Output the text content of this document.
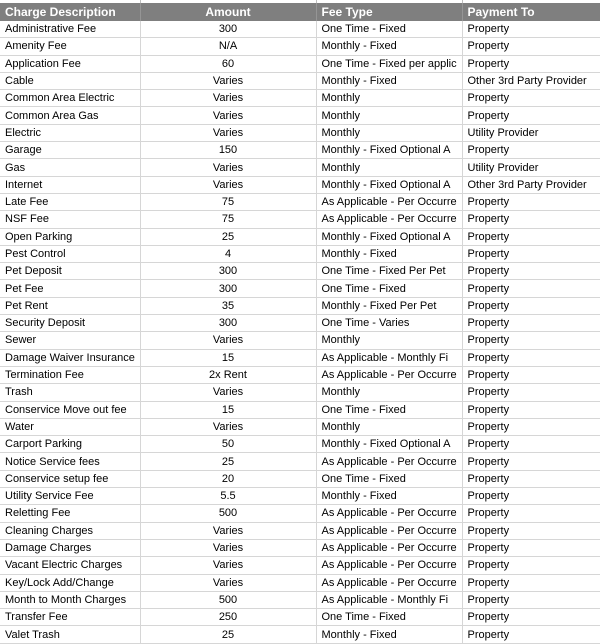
Charge Description	Amount	Fee Type	Payment To
Administrative Fee	300	One Time - Fixed	Property
Amenity Fee	N/A	Monthly - Fixed	Property
Application Fee	60	One Time - Fixed per applic	Property
Cable	Varies	Monthly - Fixed	Other 3rd Party Provider
Common Area Electric	Varies	Monthly	Property
Common Area Gas	Varies	Monthly	Property
Electric	Varies	Monthly	Utility Provider
Garage	150	Monthly - Fixed Optional A	Property
Gas	Varies	Monthly	Utility Provider
Internet	Varies	Monthly - Fixed Optional A	Other 3rd Party Provider
Late Fee	75	As Applicable - Per Occurre	Property
NSF Fee	75	As Applicable - Per Occurre	Property
Open Parking	25	Monthly - Fixed Optional A	Property
Pest Control	4	Monthly - Fixed	Property
Pet Deposit	300	One Time - Fixed Per Pet	Property
Pet Fee	300	One Time - Fixed	Property
Pet Rent	35	Monthly - Fixed Per Pet	Property
Security Deposit	300	One Time - Varies	Property
Sewer	Varies	Monthly	Property
Damage Waiver Insurance	15	As Applicable - Monthly Fi	Property
Termination Fee	2x Rent	As Applicable - Per Occurre	Property
Trash	Varies	Monthly	Property
Conservice Move out fee	15	One Time - Fixed	Property
Water	Varies	Monthly	Property
Carport Parking	50	Monthly - Fixed Optional A	Property
Notice Service fees	25	As Applicable - Per Occurre	Property
Conservice setup fee	20	One Time - Fixed	Property
Utility Service Fee	5.5	Monthly - Fixed	Property
Reletting Fee	500	As Applicable - Per Occurre	Property
Cleaning Charges	Varies	As Applicable - Per Occurre	Property
Damage Charges	Varies	As Applicable - Per Occurre	Property
Vacant Electric Charges	Varies	As Applicable - Per Occurre	Property
Key/Lock Add/Change	Varies	As Applicable - Per Occurre	Property
Month to Month Charges	500	As Applicable - Monthly Fi	Property
Transfer Fee	250	One Time - Fixed	Property
Valet Trash	25	Monthly - Fixed	Property
